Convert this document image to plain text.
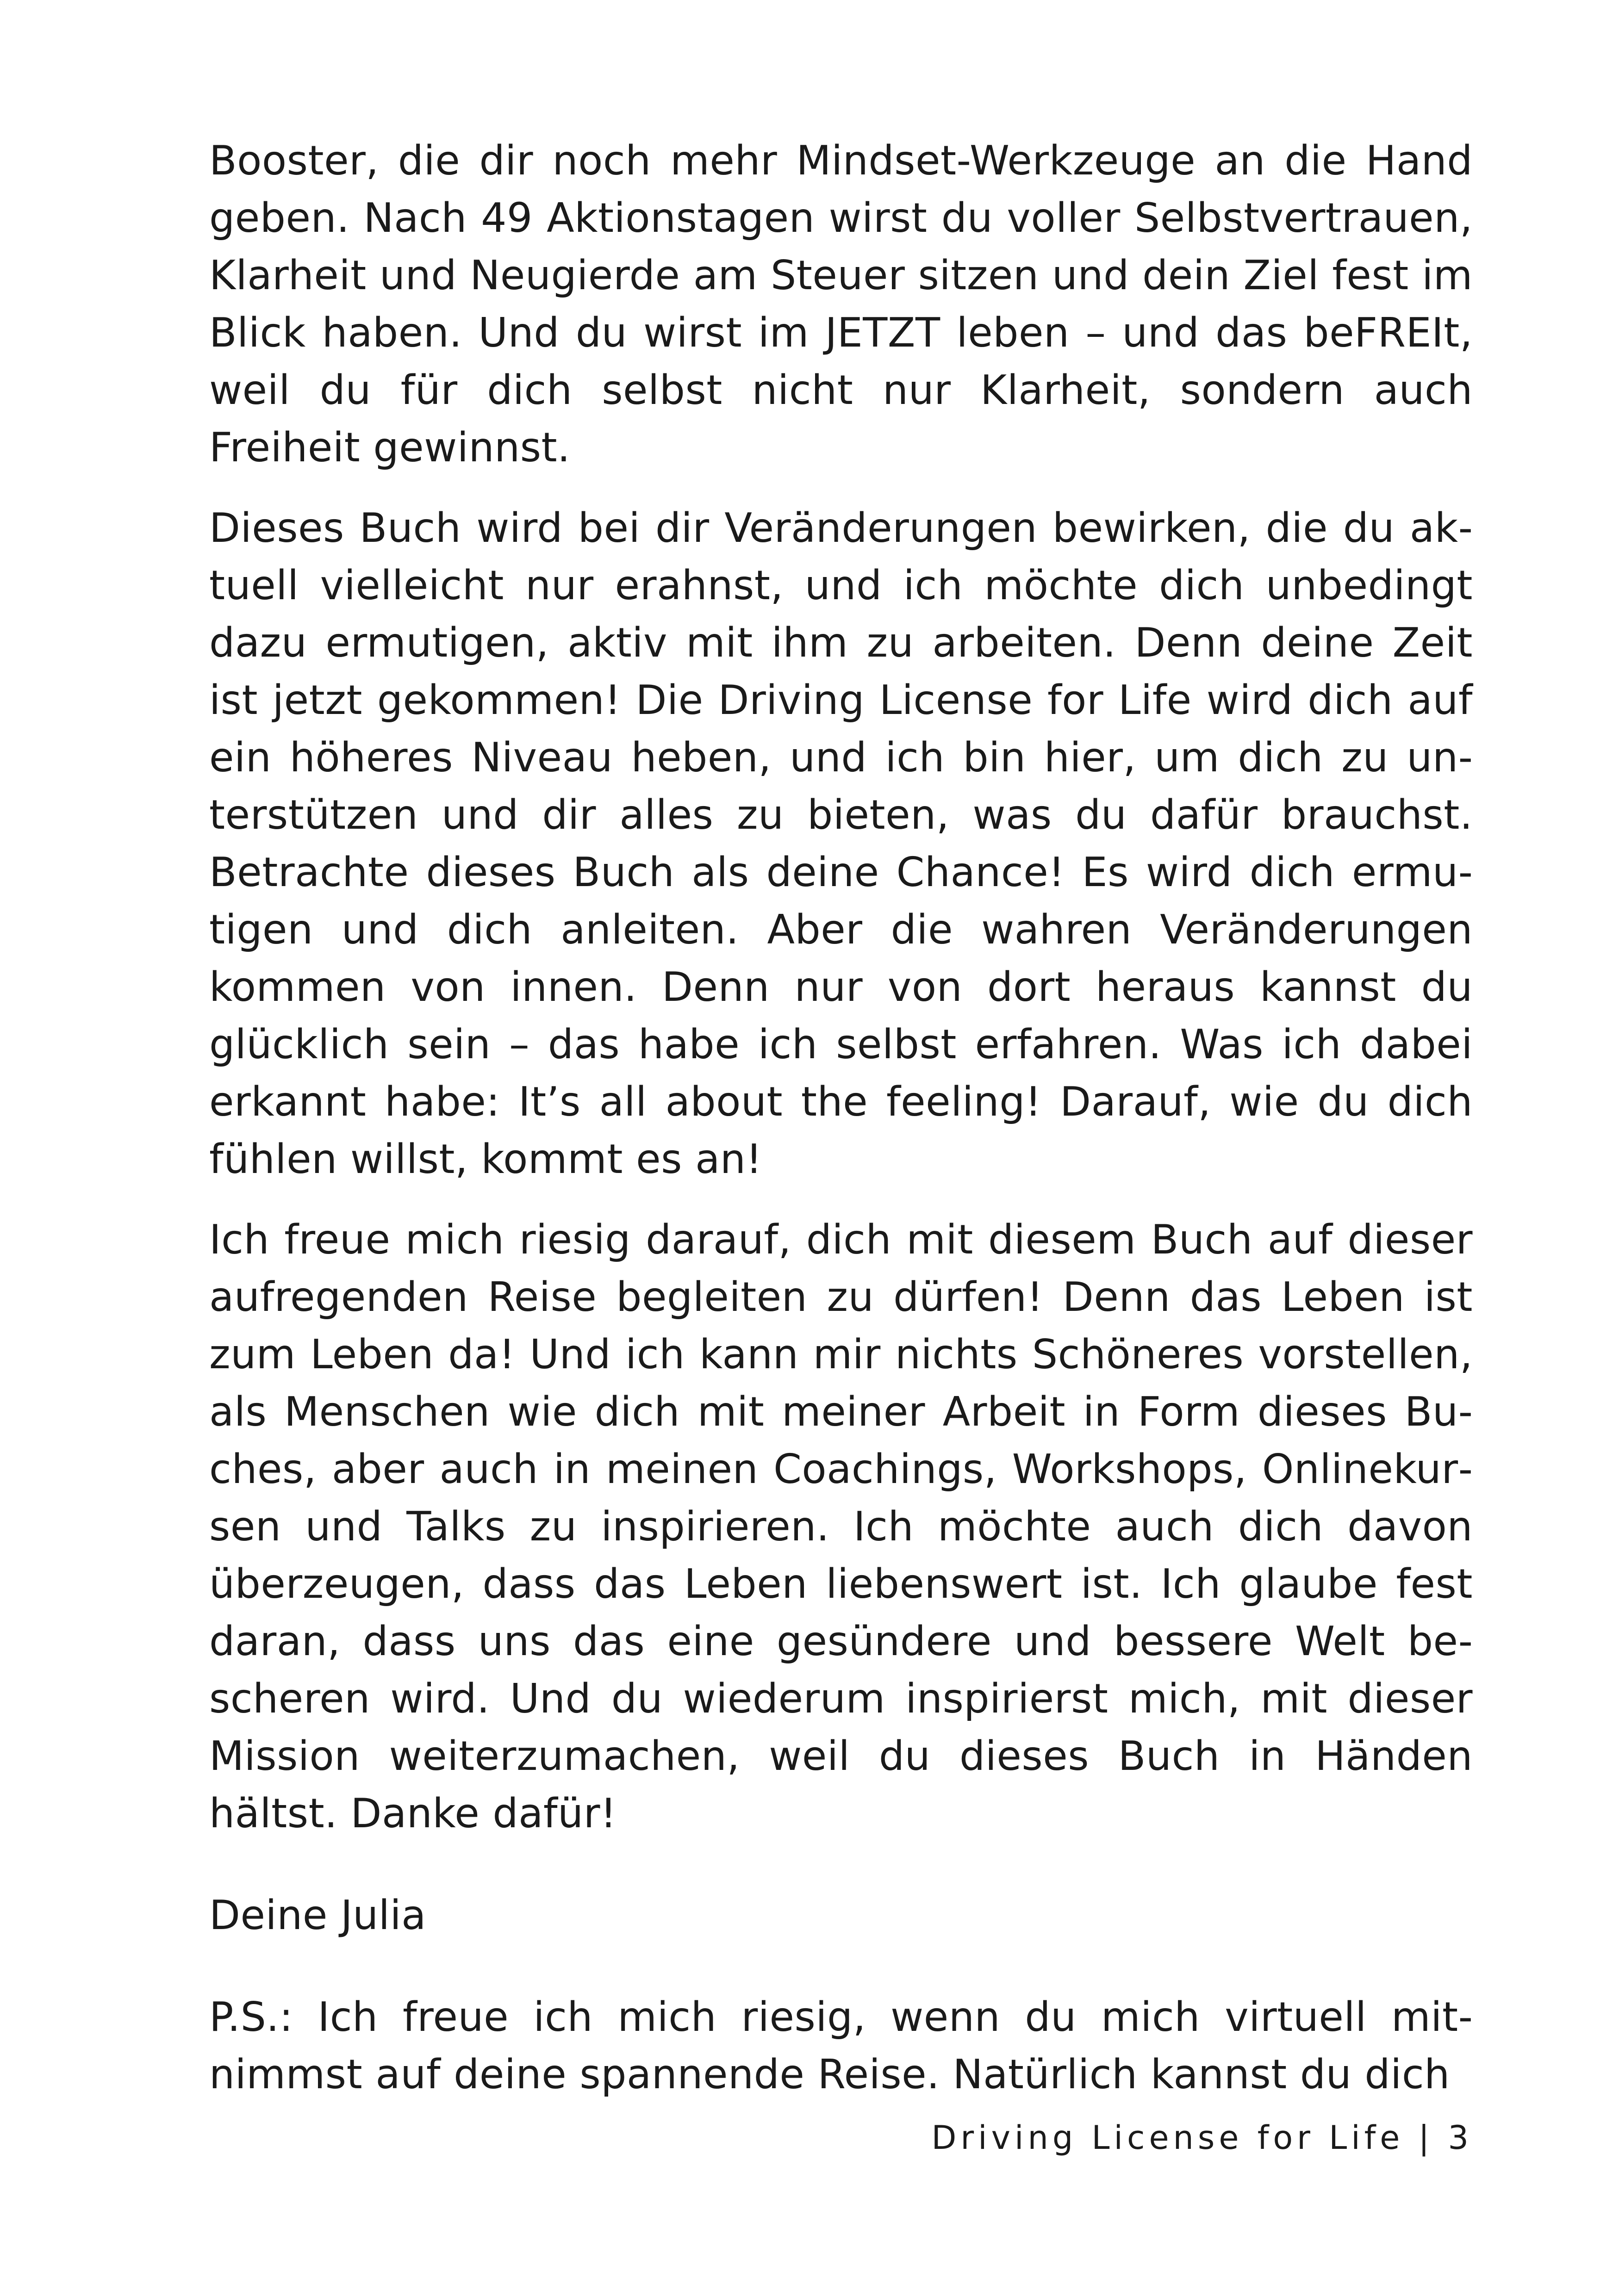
Booster, die dir noch mehr Mindset-Werkzeuge an die Hand geben. Nach 49 Aktionstagen wirst du voller Selbstvertrauen, Klarheit und Neugierde am Steuer sitzen und dein Ziel fest im Blick haben. Und du wirst im JETZT leben – und das beFREIt, weil du für dich selbst nicht nur Klarheit, sondern auch Freiheit gewinnst.

Dieses Buch wird bei dir Veränderungen bewirken, die du aktuell vielleicht nur erahnst, und ich möchte dich unbedingt dazu ermutigen, aktiv mit ihm zu arbeiten. Denn deine Zeit ist jetzt gekommen! Die Driving License for Life wird dich auf ein höheres Niveau heben, und ich bin hier, um dich zu unterstützen und dir alles zu bieten, was du dafür brauchst. Betrachte dieses Buch als deine Chance! Es wird dich ermutigen und dich anleiten. Aber die wahren Veränderungen kommen von innen. Denn nur von dort heraus kannst du glücklich sein – das habe ich selbst erfahren. Was ich dabei erkannt habe: It’s all about the feeling! Darauf, wie du dich fühlen willst, kommt es an!

Ich freue mich riesig darauf, dich mit diesem Buch auf dieser aufregenden Reise begleiten zu dürfen! Denn das Leben ist zum Leben da! Und ich kann mir nichts Schöneres vorstellen, als Menschen wie dich mit meiner Arbeit in Form dieses Buches, aber auch in meinen Coachings, Workshops, Onlinekursen und Talks zu inspirieren. Ich möchte auch dich davon überzeugen, dass das Leben liebenswert ist. Ich glaube fest daran, dass uns das eine gesündere und bessere Welt bescheren wird. Und du wiederum inspirierst mich, mit dieser Mission weiterzumachen, weil du dieses Buch in Händen hältst. Danke dafür!

Deine Julia

P.S.: Ich freue ich mich riesig, wenn du mich virtuell mitnimmst auf deine spannende Reise. Natürlich kannst du dich

Driving License for Life | 3
